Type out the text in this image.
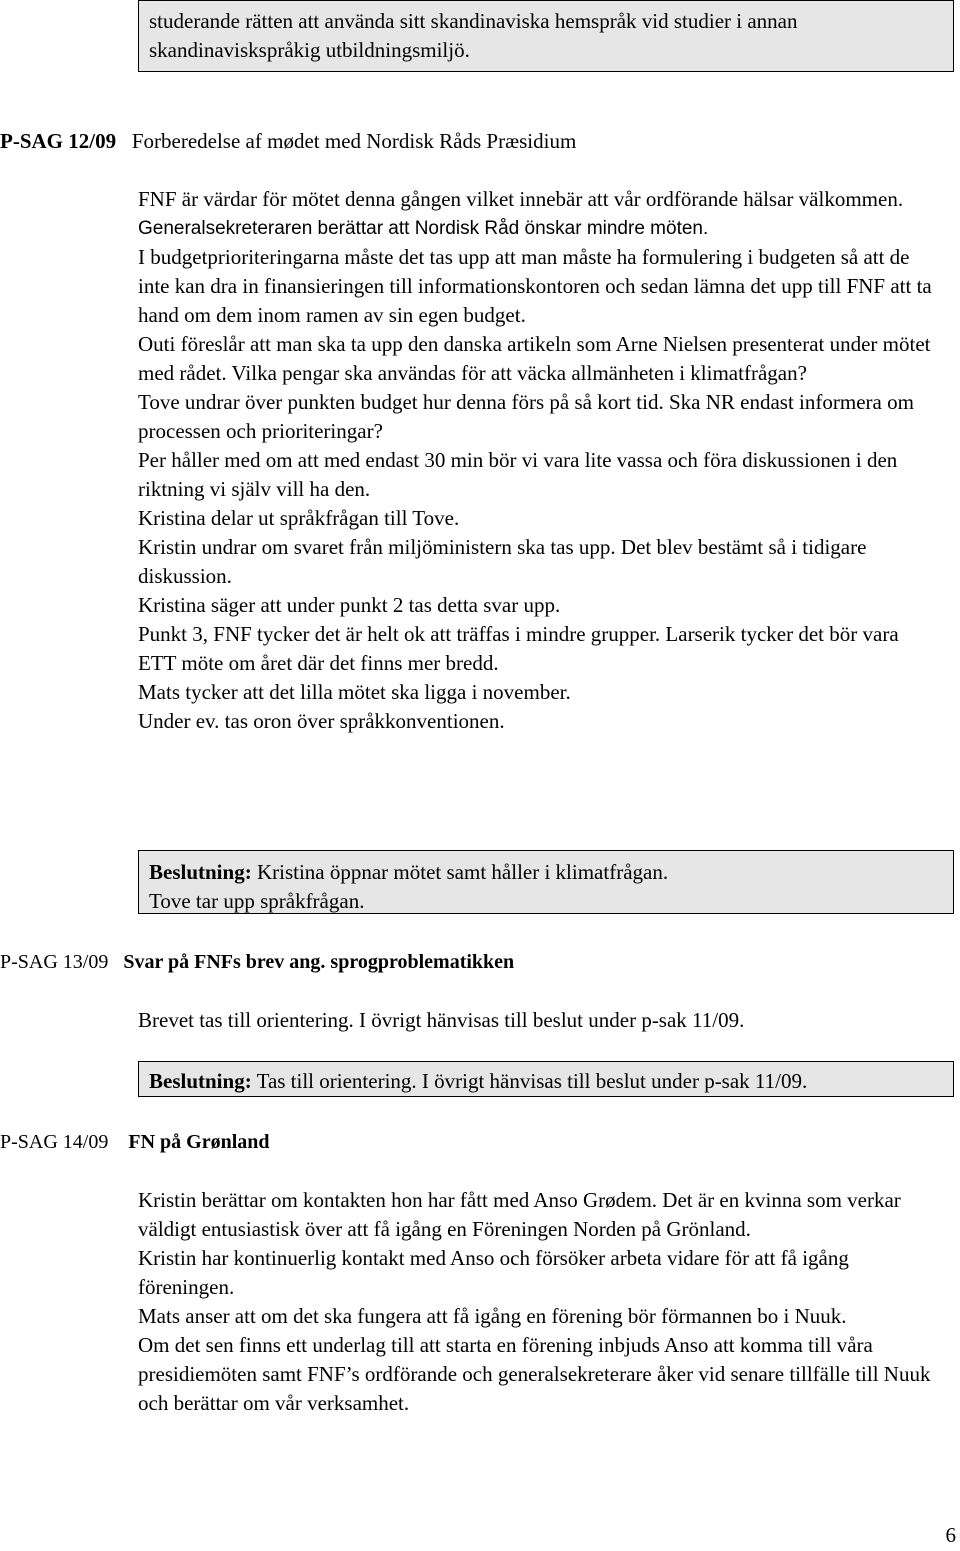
studerande rätten att använda sitt skandinaviska hemspråk vid studier i annan

skandinaviskspråkig utbildningsmiljö.

P-SAG 12/09 Forberedelse af mødet med Nordisk Råds Præsidium

FNF är värdar för mötet denna gången vilket innebär att vår ordförande hälsar välkommen.

Generalsekreteraren berättar att Nordisk Råd önskar mindre möten.

I budgetprioriteringarna måste det tas upp att man måste ha formulering i budgeten så att de inte kan dra in finansieringen till informationskontoren och sedan lämna det upp till FNF att ta hand om dem inom ramen av sin egen budget.

Outi föreslår att man ska ta upp den danska artikeln som Arne Nielsen presenterat under mötet med rådet. Vilka pengar ska användas för att väcka allmänheten i klimatfrågan?

Tove undrar över punkten budget hur denna förs på så kort tid. Ska NR endast informera om processen och prioriteringar?

Per håller med om att med endast 30 min bör vi vara lite vassa och föra diskussionen i den riktning vi själv vill ha den.

Kristina delar ut språkfrågan till Tove.

Kristin undrar om svaret från miljöministern ska tas upp. Det blev bestämt så i tidigare diskussion.

Kristina säger att under punkt 2 tas detta svar upp.

Punkt 3, FNF tycker det är helt ok att träffas i mindre grupper. Larserik tycker det bör vara ETT möte om året där det finns mer bredd.

Mats tycker att det lilla mötet ska ligga i november.

Under ev. tas oron över språkkonventionen.

Beslutning: Kristina öppnar mötet samt håller i klimatfrågan.

Tove tar upp språkfrågan.

P-SAG 13/09 Svar på FNFs brev ang. sprogproblematikken

Brevet tas till orientering. I övrigt hänvisas till beslut under p-sak 11/09.

Beslutning: Tas till orientering. I övrigt hänvisas till beslut under p-sak 11/09.

P-SAG 14/09 FN på Grønland

Kristin berättar om kontakten hon har fått med Anso Grødem. Det är en kvinna som verkar väldigt entusiastisk över att få igång en Föreningen Norden på Grönland.

Kristin har kontinuerlig kontakt med Anso och försöker arbeta vidare för att få igång föreningen.

Mats anser att om det ska fungera att få igång en förening bör förmannen bo i Nuuk.

Om det sen finns ett underlag till att starta en förening inbjuds Anso att komma till våra presidiemöten samt FNF’s ordförande och generalsekreterare åker vid senare tillfälle till Nuuk och berättar om vår verksamhet.

6
